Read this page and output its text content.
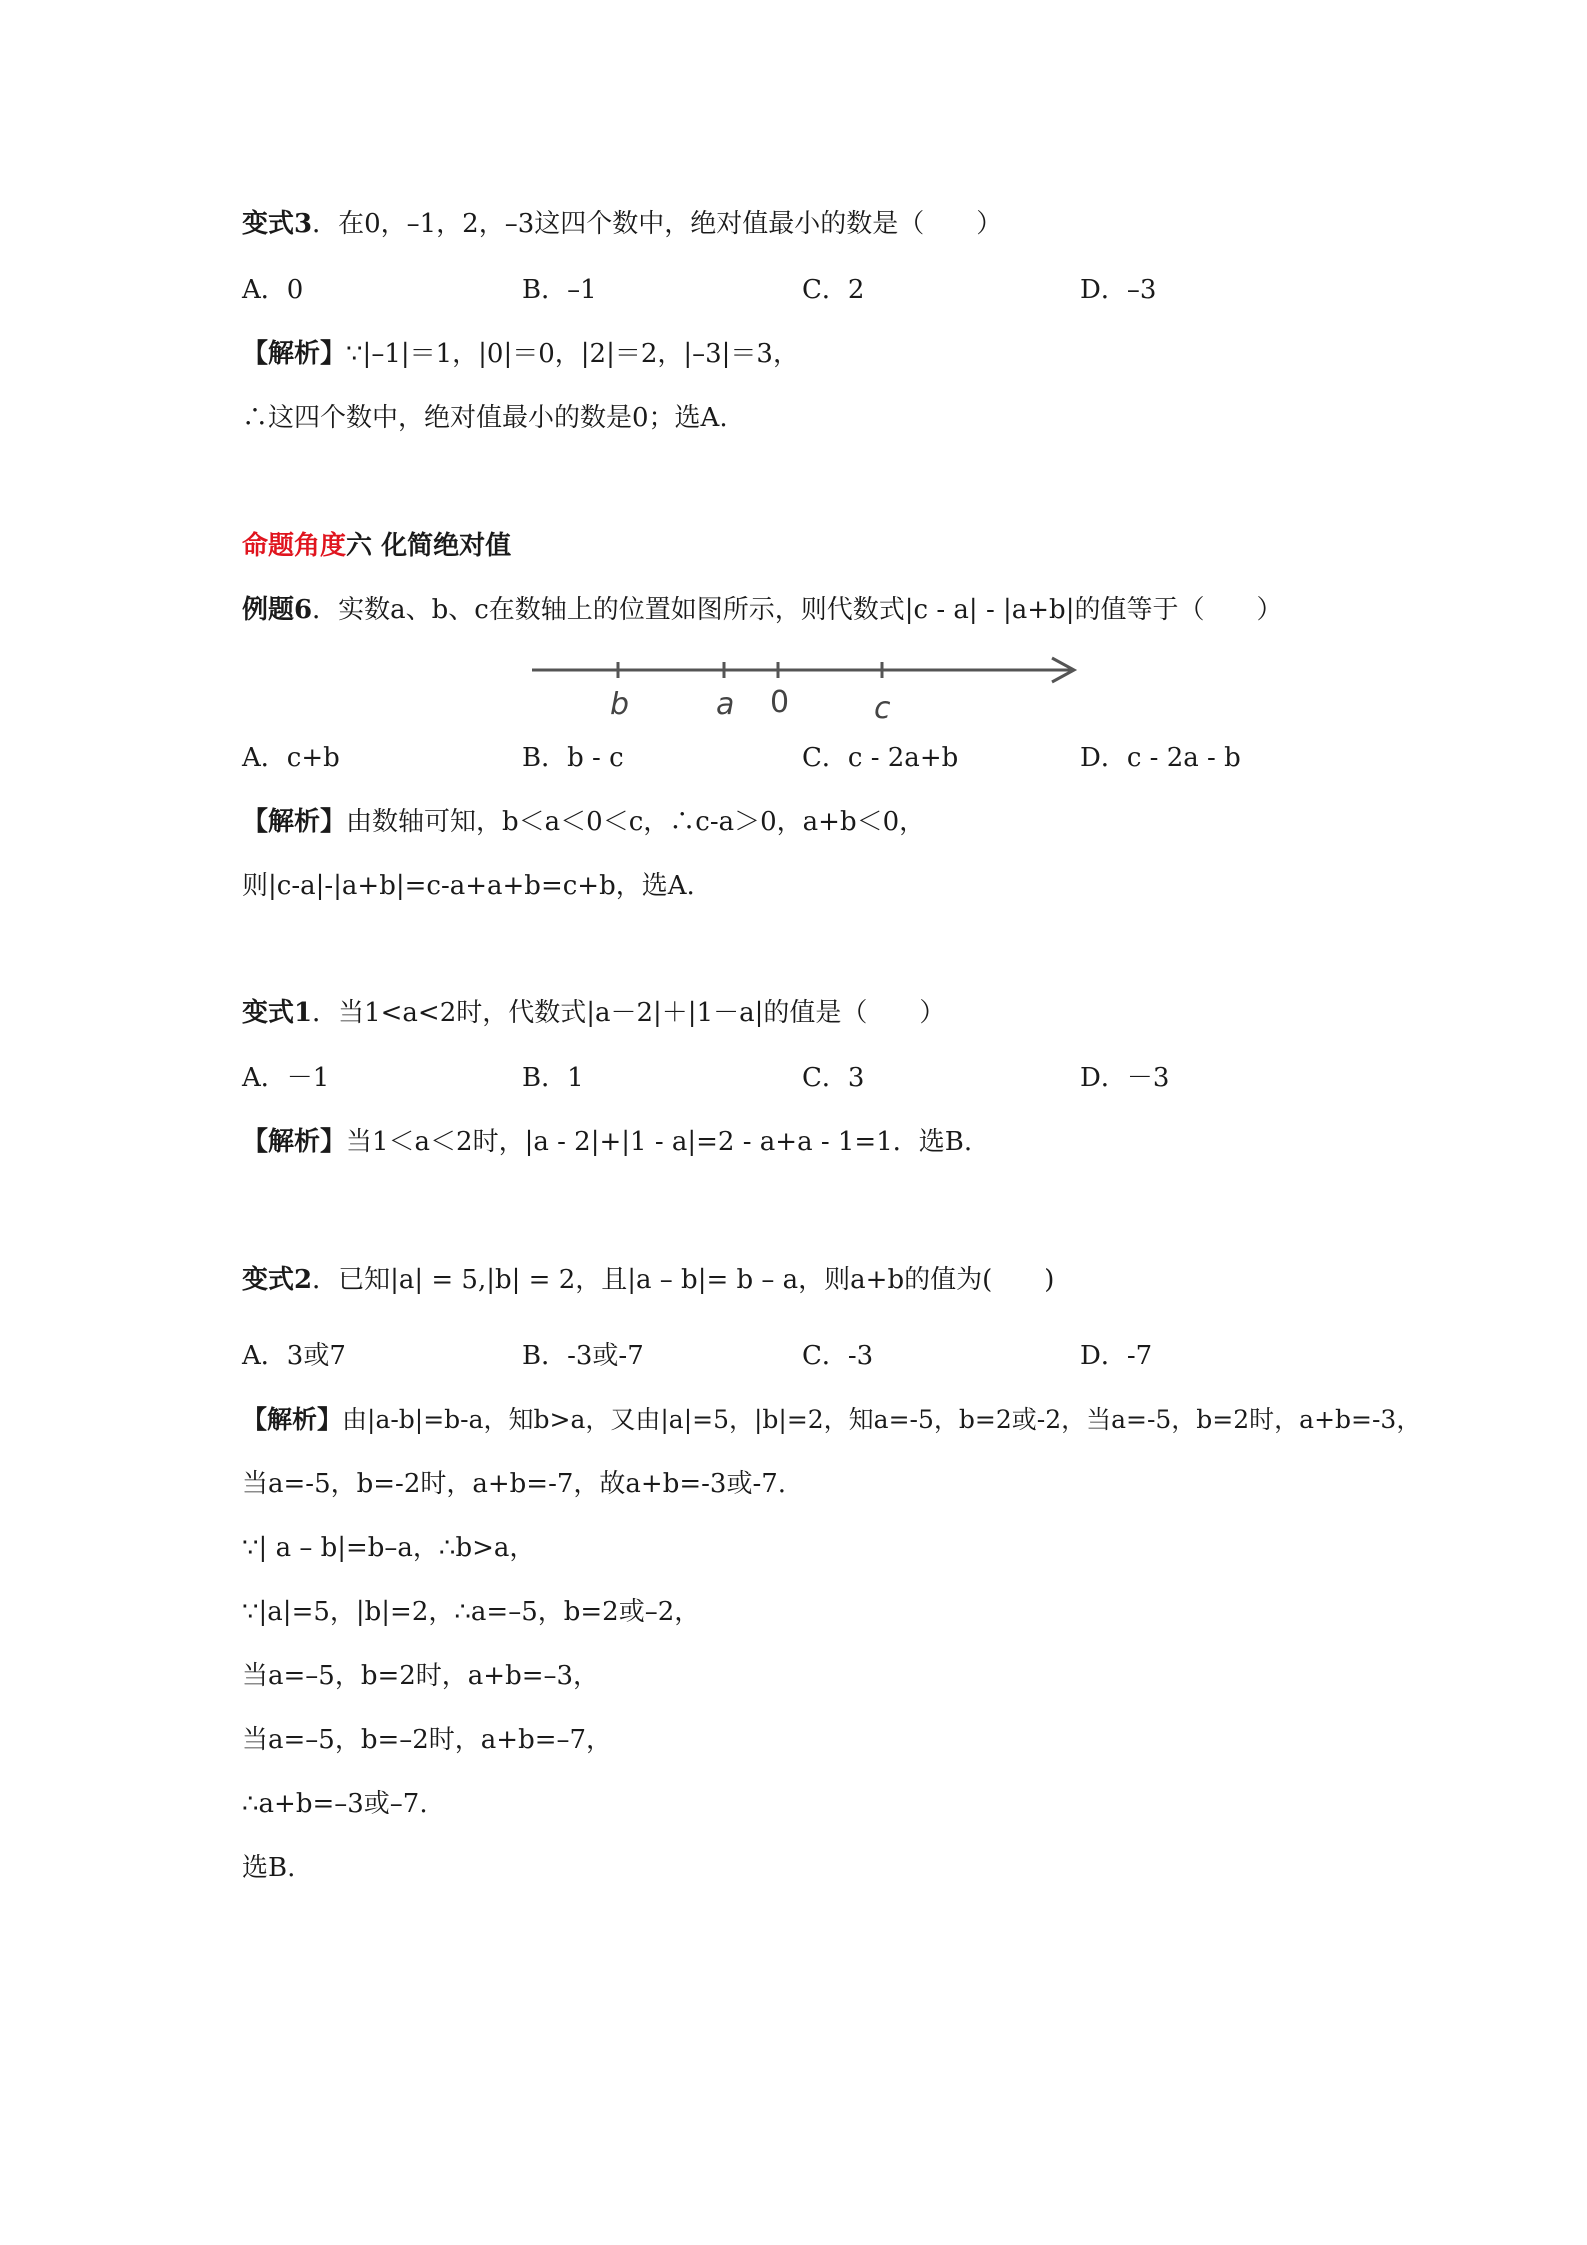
变式3．在0，–1，2，–3这四个数中，绝对值最小的数是（　　）
A．0	B．–1	C．2	D．–3
【解析】∵|–1|＝1，|0|＝0，|2|＝2，|–3|＝3，
∴这四个数中，绝对值最小的数是0；选A.
命题角度六 化简绝对值
例题6．实数a、b、c在数轴上的位置如图所示，则代数式|c - a| - |a+b|的值等于（　　）
b	a 0	c
A．c+b	B．b - c	C．c - 2a+b	D．c - 2a - b
【解析】由数轴可知，b＜a＜0＜c，∴c-a＞0，a+b＜0，
则|c-a|-|a+b|=c-a+a+b=c+b，选A.
变式1．当1<a<2时，代数式|a－2|＋|1－a|的值是（　　）
A．－1	B．1	C．3	D．－3
【解析】当1＜a＜2时，|a - 2|+|1 - a|=2 - a+a - 1=1．选B.
变式2．已知|a| = 5,|b| = 2，且|a – b|= b – a，则a+b的值为(　　)
A．3或7	B．-3或-7	C．-3	D．-7
【解析】由|a-b|=b-a，知b>a，又由|a|=5，|b|=2，知a=-5，b=2或-2，当a=-5，b=2时，a+b=-3，
当a=-5，b=-2时，a+b=-7，故a+b=-3或-7.
∵| a – b|=b–a，∴b>a，
∵|a|=5，|b|=2，∴a=–5，b=2或–2，
当a=–5，b=2时，a+b=–3，
当a=–5，b=–2时，a+b=–7，
∴a+b=–3或–7.
选B.
